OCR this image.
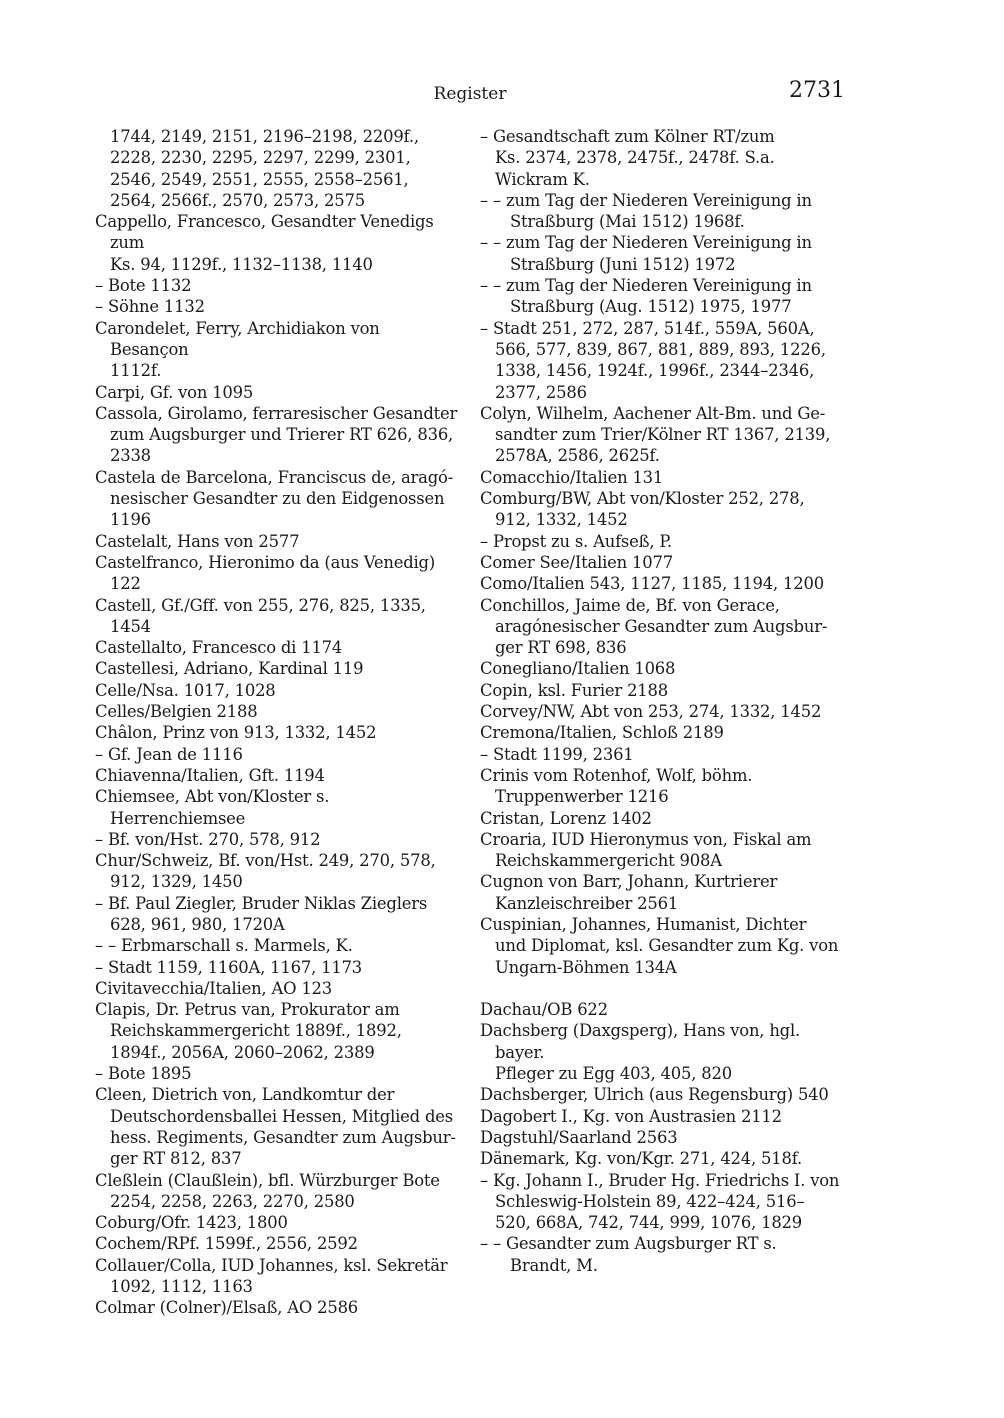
Register	2731

1744, 2149, 2151, 2196–2198, 2209f.,
2228, 2230, 2295, 2297, 2299, 2301,
2546, 2549, 2551, 2555, 2558–2561,
2564, 2566f., 2570, 2573, 2575

Cappello, Francesco, Gesandter Venedigs zum
Ks. 94, 1129f., 1132–1138, 1140

– Bote 1132

– Söhne 1132

Carondelet, Ferry, Archidiakon von Besançon
1112f.

Carpi, Gf. von 1095

Cassola, Girolamo, ferraresischer Gesandter
zum Augsburger und Trierer RT 626, 836,
2338

Castela de Barcelona, Franciscus de, aragó-
nesischer Gesandter zu den Eidgenossen
1196

Castelalt, Hans von 2577

Castelfranco, Hieronimo da (aus Venedig)
122

Castell, Gf./Gff. von 255, 276, 825, 1335,
1454

Castellalto, Francesco di 1174

Castellesi, Adriano, Kardinal 119

Celle/Nsa. 1017, 1028

Celles/Belgien 2188

Châlon, Prinz von 913, 1332, 1452

– Gf. Jean de 1116

Chiavenna/Italien, Gft. 1194

Chiemsee, Abt von/Kloster s. Herrenchiemsee

– Bf. von/Hst. 270, 578, 912

Chur/Schweiz, Bf. von/Hst. 249, 270, 578,
912, 1329, 1450

– Bf. Paul Ziegler, Bruder Niklas Zieglers
628, 961, 980, 1720A

– – Erbmarschall s. Marmels, K.

– Stadt 1159, 1160A, 1167, 1173

Civitavecchia/Italien, AO 123

Clapis, Dr. Petrus van, Prokurator am
Reichskammergericht 1889f., 1892,
1894f., 2056A, 2060–2062, 2389

– Bote 1895

Cleen, Dietrich von, Landkomtur der
Deutschordensballei Hessen, Mitglied des
hess. Regiments, Gesandter zum Augsbur-
ger RT 812, 837

Cleßlein (Claußlein), bfl. Würzburger Bote
2254, 2258, 2263, 2270, 2580

Coburg/Ofr. 1423, 1800

Cochem/RPf. 1599f., 2556, 2592

Collauer/Colla, IUD Johannes, ksl. Sekretär
1092, 1112, 1163

Colmar (Colner)/Elsaß, AO 2586

– Gesandtschaft zum Kölner RT/zum
Ks. 2374, 2378, 2475f., 2478f. S.a.
Wickram K.

– – zum Tag der Niederen Vereinigung in
Straßburg (Mai 1512) 1968f.

– – zum Tag der Niederen Vereinigung in
Straßburg (Juni 1512) 1972

– – zum Tag der Niederen Vereinigung in
Straßburg (Aug. 1512) 1975, 1977

– Stadt 251, 272, 287, 514f., 559A, 560A,
566, 577, 839, 867, 881, 889, 893, 1226,
1338, 1456, 1924f., 1996f., 2344–2346,
2377, 2586

Colyn, Wilhelm, Aachener Alt-Bm. und Ge-
sandter zum Trier/Kölner RT 1367, 2139,
2578A, 2586, 2625f.

Comacchio/Italien 131

Comburg/BW, Abt von/Kloster 252, 278,
912, 1332, 1452

– Propst zu s. Aufseß, P.

Comer See/Italien 1077

Como/Italien 543, 1127, 1185, 1194, 1200

Conchillos, Jaime de, Bf. von Gerace,
aragónesischer Gesandter zum Augsbur-
ger RT 698, 836

Conegliano/Italien 1068

Copin, ksl. Furier 2188

Corvey/NW, Abt von 253, 274, 1332, 1452

Cremona/Italien, Schloß 2189

– Stadt 1199, 2361

Crinis vom Rotenhof, Wolf, böhm.
Truppenwerber 1216

Cristan, Lorenz 1402

Croaria, IUD Hieronymus von, Fiskal am
Reichskammergericht 908A

Cugnon von Barr, Johann, Kurtrierer
Kanzleischreiber 2561

Cuspinian, Johannes, Humanist, Dichter
und Diplomat, ksl. Gesandter zum Kg. von
Ungarn-Böhmen 134A

Dachau/OB 622

Dachsberg (Daxgsperg), Hans von, hgl. bayer.
Pfleger zu Egg 403, 405, 820

Dachsberger, Ulrich (aus Regensburg) 540

Dagobert I., Kg. von Austrasien 2112

Dagstuhl/Saarland 2563

Dänemark, Kg. von/Kgr. 271, 424, 518f.

– Kg. Johann I., Bruder Hg. Friedrichs I. von
Schleswig-Holstein 89, 422–424, 516–
520, 668A, 742, 744, 999, 1076, 1829

– – Gesandter zum Augsburger RT s.
Brandt, M.
